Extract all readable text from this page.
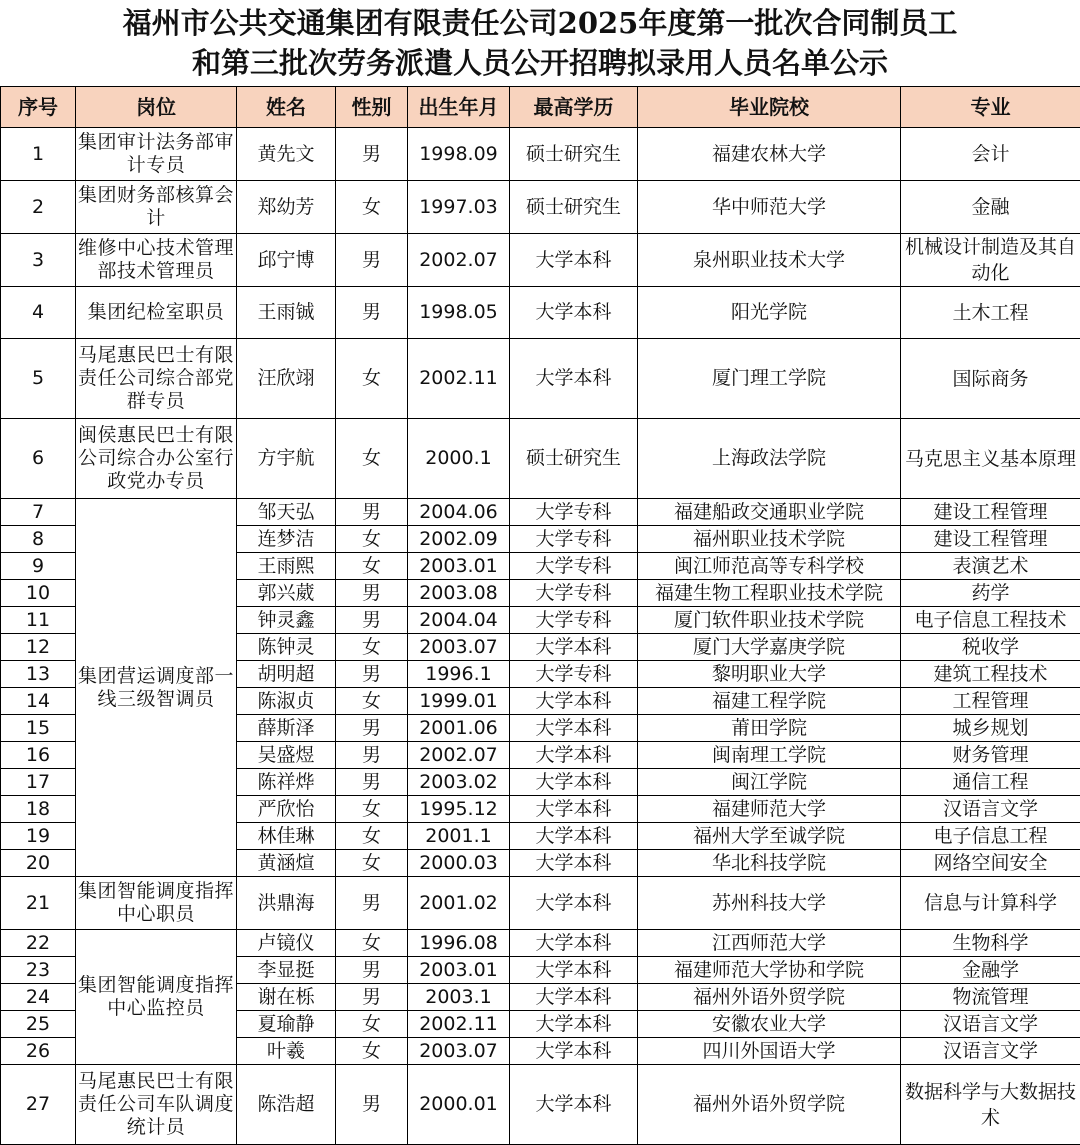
福州市公共交通集团有限责任公司2025年度第一批次合同制员工
和第三批次劳务派遣人员公开招聘拟录用人员名单公示
序号	岗位	姓名	性别	出生年月	最高学历	毕业院校	专业
1	集团审计法务部审计专员	黄先文	男	1998.09	硕士研究生	福建农林大学	会计
2	集团财务部核算会计	郑幼芳	女	1997.03	硕士研究生	华中师范大学	金融
3	维修中心技术管理部技术管理员	邱宁博	男	2002.07	大学本科	泉州职业技术大学	机械设计制造及其自动化
4	集团纪检室职员	王雨铖	男	1998.05	大学本科	阳光学院	土木工程
5	马尾惠民巴士有限责任公司综合部党群专员	汪欣翊	女	2002.11	大学本科	厦门理工学院	国际商务
6	闽侯惠民巴士有限公司综合办公室行政党办专员	方宇航	女	2000.1	硕士研究生	上海政法学院	马克思主义基本原理
7	集团营运调度部一线三级智调员	邹天弘	男	2004.06	大学专科	福建船政交通职业学院	建设工程管理
8		连梦洁	女	2002.09	大学专科	福州职业技术学院	建设工程管理
9		王雨熙	女	2003.01	大学专科	闽江师范高等专科学校	表演艺术
10		郭兴葳	男	2003.08	大学专科	福建生物工程职业技术学院	药学
11		钟灵鑫	男	2004.04	大学专科	厦门软件职业技术学院	电子信息工程技术
12		陈钟灵	女	2003.07	大学本科	厦门大学嘉庚学院	税收学
13		胡明超	男	1996.1	大学专科	黎明职业大学	建筑工程技术
14		陈淑贞	女	1999.01	大学本科	福建工程学院	工程管理
15		薛斯泽	男	2001.06	大学本科	莆田学院	城乡规划
16		吴盛煜	男	2002.07	大学本科	闽南理工学院	财务管理
17		陈祥烨	男	2003.02	大学本科	闽江学院	通信工程
18		严欣怡	女	1995.12	大学本科	福建师范大学	汉语言文学
19		林佳琳	女	2001.1	大学本科	福州大学至诚学院	电子信息工程
20		黄涵煊	女	2000.03	大学本科	华北科技学院	网络空间安全
21	集团智能调度指挥中心职员	洪鼎海	男	2001.02	大学本科	苏州科技大学	信息与计算科学
22	集团智能调度指挥中心监控员	卢镜仪	女	1996.08	大学本科	江西师范大学	生物科学
23		李显挺	男	2003.01	大学本科	福建师范大学协和学院	金融学
24		谢在栎	男	2003.1	大学本科	福州外语外贸学院	物流管理
25		夏瑜静	女	2002.11	大学本科	安徽农业大学	汉语言文学
26		叶羲	女	2003.07	大学本科	四川外国语大学	汉语言文学
27	马尾惠民巴士有限责任公司车队调度统计员	陈浩超	男	2000.01	大学本科	福州外语外贸学院	数据科学与大数据技术
